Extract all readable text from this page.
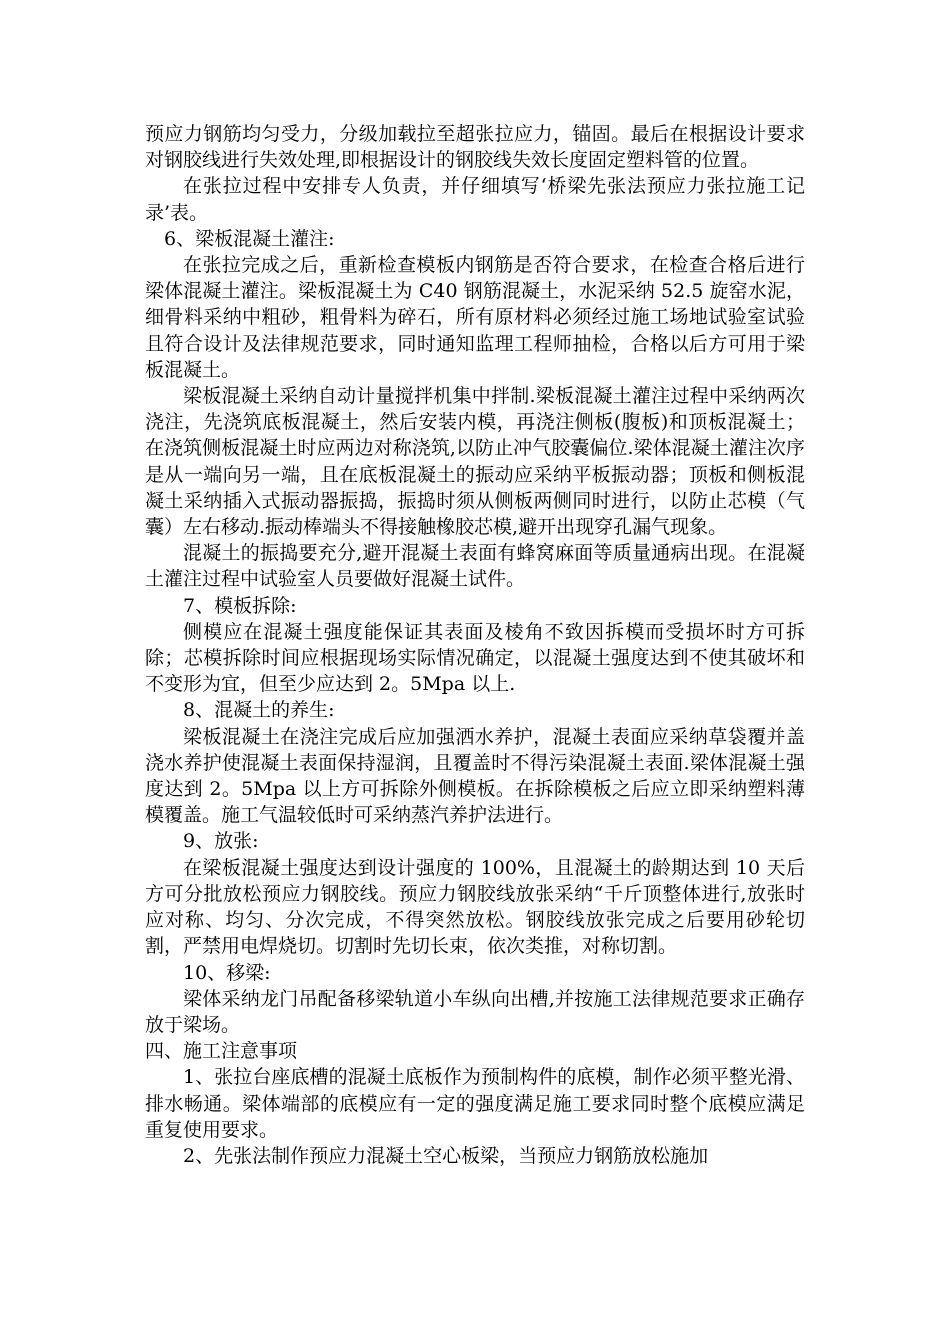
预应力钢筋均匀受力，分级加载拉至超张拉应力，锚固。最后在根据设计要求对钢胶线进行失效处理,即根据设计的钢胶线失效长度固定塑料管的位置。

在张拉过程中安排专人负责，并仔细填写‘桥梁先张法预应力张拉施工记录’表。

6、梁板混凝土灌注:

在张拉完成之后，重新检查模板内钢筋是否符合要求，在检查合格后进行梁体混凝土灌注。梁板混凝土为 C40 钢筋混凝土，水泥采纳 52.5 旋窑水泥，细骨料采纳中粗砂，粗骨料为碎石，所有原材料必须经过施工场地试验室试验且符合设计及法律规范要求，同时通知监理工程师抽检，合格以后方可用于梁板混凝土。

梁板混凝土采纳自动计量搅拌机集中拌制.梁板混凝土灌注过程中采纳两次浇注，先浇筑底板混凝土，然后安装内模，再浇注侧板(腹板)和顶板混凝土；在浇筑侧板混凝土时应两边对称浇筑,以防止冲气胶囊偏位.梁体混凝土灌注次序是从一端向另一端，且在底板混凝土的振动应采纳平板振动器；顶板和侧板混凝土采纳插入式振动器振捣，振捣时须从侧板两侧同时进行，以防止芯模（气囊）左右移动.振动棒端头不得接触橡胶芯模,避开出现穿孔漏气现象。

混凝土的振捣要充分,避开混凝土表面有蜂窝麻面等质量通病出现。在混凝土灌注过程中试验室人员要做好混凝土试件。

7、模板拆除:

侧模应在混凝土强度能保证其表面及棱角不致因拆模而受损坏时方可拆除；芯模拆除时间应根据现场实际情况确定，以混凝土强度达到不使其破坏和不变形为宜，但至少应达到 2。5Mpa 以上.

8、混凝土的养生:

梁板混凝土在浇注完成后应加强洒水养护，混凝土表面应采纳草袋覆并盖浇水养护使混凝土表面保持湿润，且覆盖时不得污染混凝土表面.梁体混凝土强度达到 2。5Mpa 以上方可拆除外侧模板。在拆除模板之后应立即采纳塑料薄模覆盖。施工气温较低时可采纳蒸汽养护法进行。

9、放张:

在梁板混凝土强度达到设计强度的 100%，且混凝土的龄期达到 10 天后方可分批放松预应力钢胶线。预应力钢胶线放张采纳“千斤顶整体进行,放张时应对称、均匀、分次完成，不得突然放松。钢胶线放张完成之后要用砂轮切割，严禁用电焊烧切。切割时先切长束，依次类推，对称切割。

10、移梁:

梁体采纳龙门吊配备移梁轨道小车纵向出槽,并按施工法律规范要求正确存放于梁场。

四、施工注意事项

1、张拉台座底槽的混凝土底板作为预制构件的底模，制作必须平整光滑、排水畅通。梁体端部的底模应有一定的强度满足施工要求同时整个底模应满足重复使用要求。

2、先张法制作预应力混凝土空心板梁，当预应力钢筋放松施加
